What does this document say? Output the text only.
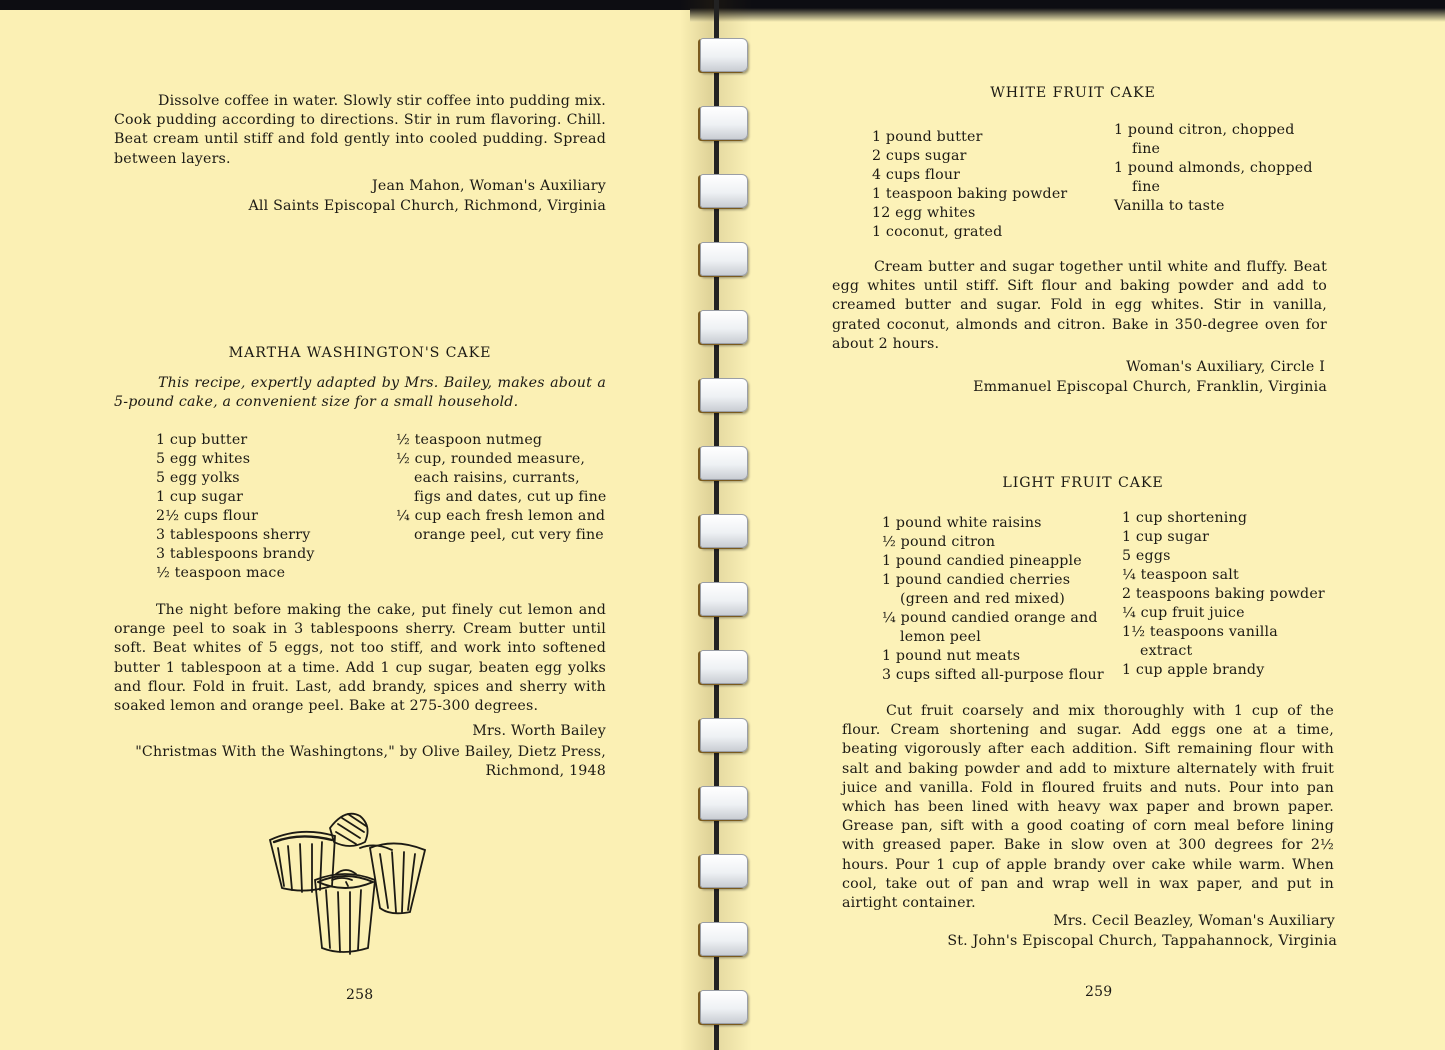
Dissolve coffee in water. Slowly stir coffee into pudding mix. Cook pudding according to directions. Stir in rum flavoring. Chill. Beat cream until stiff and fold gently into cooled pudding. Spread between layers.

Jean Mahon, Woman's Auxiliary
All Saints Episcopal Church, Richmond, Virginia
MARTHA WASHINGTON'S CAKE

This recipe, expertly adapted by Mrs. Bailey, makes about a 5-pound cake, a convenient size for a small household.

1 cup butter
5 egg whites
5 egg yolks
1 cup sugar
2½ cups flour
3 tablespoons sherry
3 tablespoons brandy
½ teaspoon mace
½ teaspoon nutmeg
½ cup, rounded measure,
each raisins, currants,
figs and dates, cut up fine
¼ cup each fresh lemon and
orange peel, cut very fine

The night before making the cake, put finely cut lemon and orange peel to soak in 3 tablespoons sherry. Cream butter until soft. Beat whites of 5 eggs, not too stiff, and work into softened butter 1 tablespoon at a time. Add 1 cup sugar, beaten egg yolks and flour. Fold in fruit. Last, add brandy, spices and sherry with soaked lemon and orange peel. Bake at 275-300 degrees.

Mrs. Worth Bailey
"Christmas With the Washingtons," by Olive Bailey, Dietz Press,
Richmond, 1948
258
WHITE FRUIT CAKE
1 pound butter
2 cups sugar
4 cups flour
1 teaspoon baking powder
12 egg whites
1 coconut, grated
1 pound citron, chopped
fine
1 pound almonds, chopped
fine
Vanilla to taste

Cream butter and sugar together until white and fluffy. Beat egg whites until stiff. Sift flour and baking powder and add to creamed butter and sugar. Fold in egg whites. Stir in vanilla, grated coconut, almonds and citron. Bake in 350-degree oven for about 2 hours.

Woman's Auxiliary, Circle I
Emmanuel Episcopal Church, Franklin, Virginia
LIGHT FRUIT CAKE
1 pound white raisins
½ pound citron
1 pound candied pineapple
1 pound candied cherries
(green and red mixed)
¼ pound candied orange and
lemon peel
1 pound nut meats
3 cups sifted all-purpose flour
1 cup shortening
1 cup sugar
5 eggs
¼ teaspoon salt
2 teaspoons baking powder
¼ cup fruit juice
1½ teaspoons vanilla
extract
1 cup apple brandy

Cut fruit coarsely and mix thoroughly with 1 cup of the flour. Cream shortening and sugar. Add eggs one at a time, beating vigorously after each addition. Sift remaining flour with salt and baking powder and add to mixture alternately with fruit juice and vanilla. Fold in floured fruits and nuts. Pour into pan which has been lined with heavy wax paper and brown paper. Grease pan, sift with a good coating of corn meal before lining with greased paper. Bake in slow oven at 300 degrees for 2½ hours. Pour 1 cup of apple brandy over cake while warm. When cool, take out of pan and wrap well in wax paper, and put in airtight container.

Mrs. Cecil Beazley, Woman's Auxiliary
St. John's Episcopal Church, Tappahannock, Virginia
259
